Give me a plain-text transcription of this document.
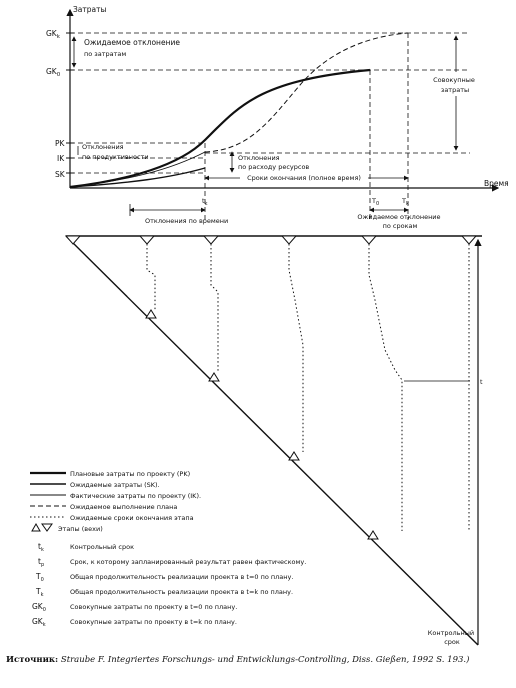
Затраты
Время
$GK_k$
$GK_0$
PK
IK
SK
Ожидаемое отклонение по затратам
Совокупные затраты
Отклонения по продуктивности	Отклонения по расходу ресурсов
Сроки окончания (полное время)
$t_k$	$T_0$	$T_k$
Отклонения по времени	Ожидаемое отклонение по срокам
t
Плановые затраты по проекту (PK)
Ожидаемые затраты (SK).
Фактические затраты по проекту (IK).
Ожидаемое выполнение плана
Ожидаемые сроки окончания этапа
Этапы (вехи)
$t_k$	Контрольный срок
$t_p$	Срок, к которому запланированный результат равен фактическому.
$T_0$	Общая продолжительность реализации проекта в t=0 по плану.
$T_k$	Общая продолжительность реализации проекта в t=k по плану.
$GK_0$	Совокупные затраты по проекту в t=0 по плану.
$GK_k$	Совокупные затраты по проекту в t=k по плану.
Контрольный срок
Источник: Straube F. Integriertes Forschungs- und Entwicklungs-Controlling, Diss. Gießen, 1992 S. 193.)
